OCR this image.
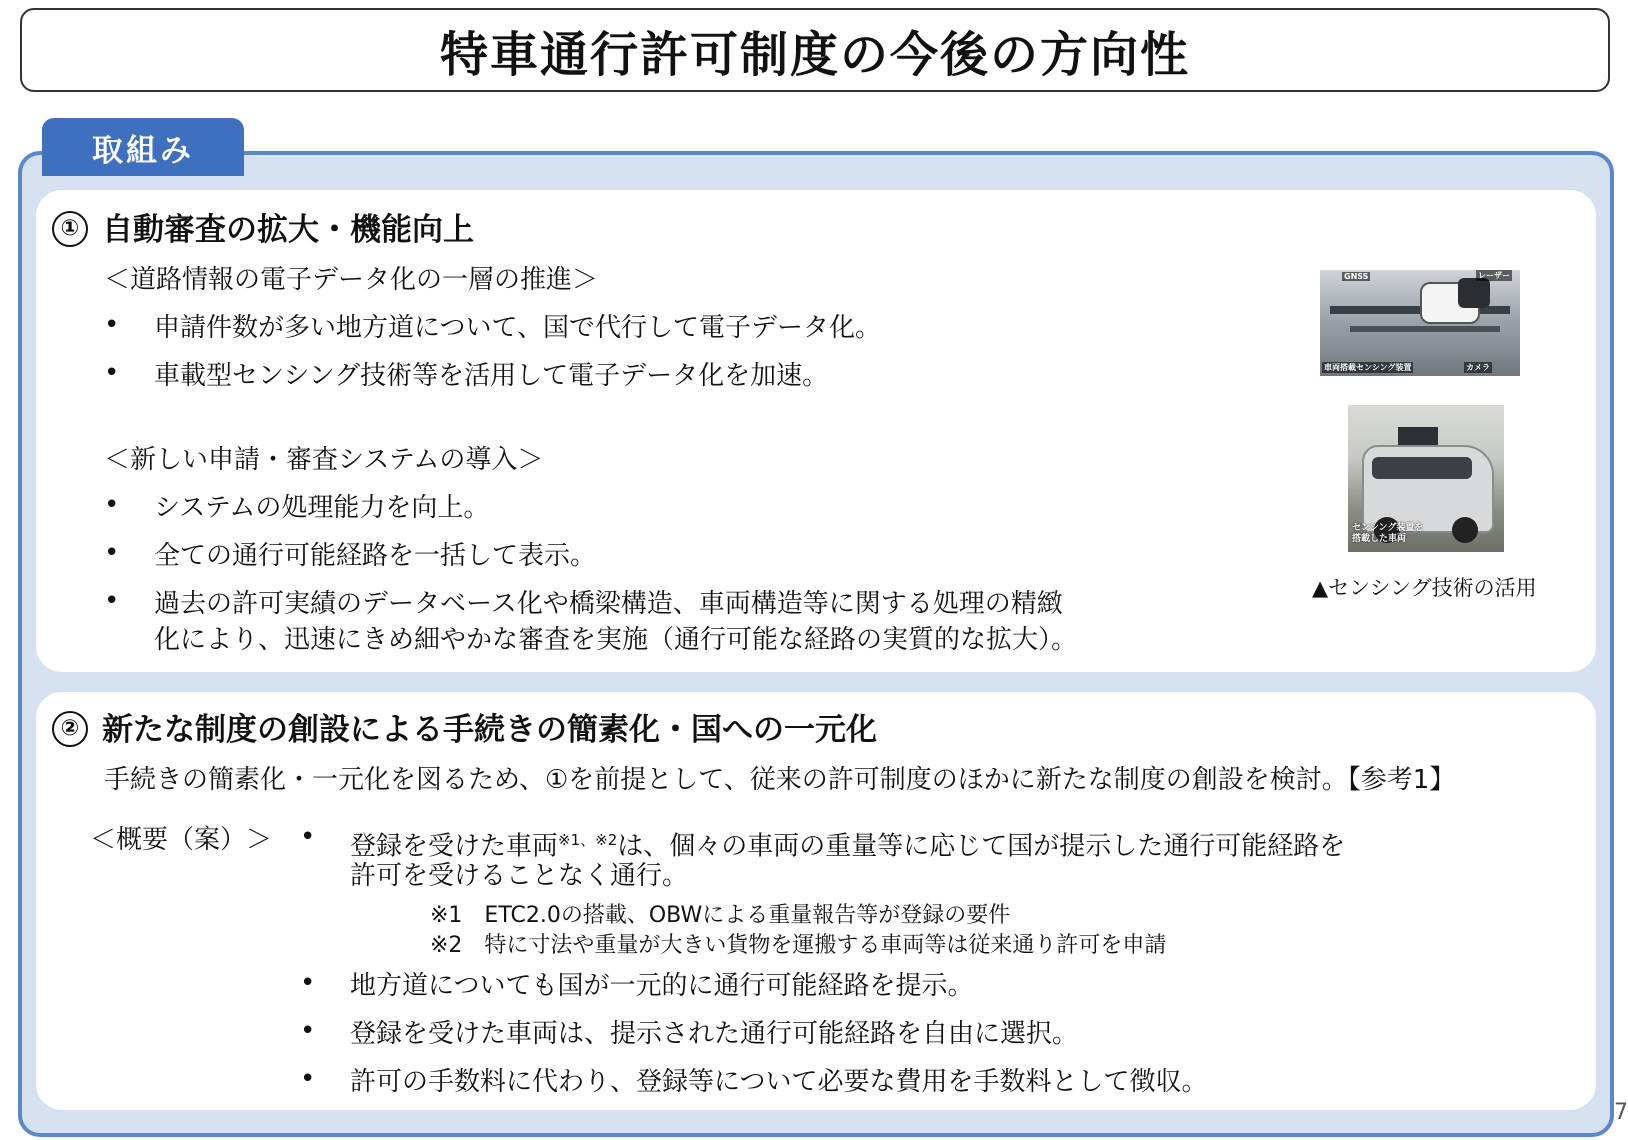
特車通行許可制度の今後の方向性
取組み
① 自動審査の拡大・機能向上
＜道路情報の電子データ化の一層の推進＞
• 申請件数が多い地方道について、国で代行して電子データ化。
• 車載型センシング技術等を活用して電子データ化を加速。
＜新しい申請・審査システムの導入＞
• システムの処理能力を向上。
• 全ての通行可能経路を一括して表示。
• 過去の許可実績のデータベース化や橋梁構造、車両構造等に関する処理の精緻
化により、迅速にきめ細やかな審査を実施（通行可能な経路の実質的な拡大）。
GNSS	レーザー
車両搭載センシング装置	カメラ
センシング装置を
搭載した車両
▲センシング技術の活用
② 新たな制度の創設による手続きの簡素化・国への一元化
手続きの簡素化・一元化を図るため、①を前提として、従来の許可制度のほかに新たな制度の創設を検討。【参考1】
＜概要（案）＞ • 登録を受けた車両$^{※1、※2}$は、個々の車両の重量等に応じて国が提示した通行可能経路を
許可を受けることなく通行。
※1　ETC2.0の搭載、OBWによる重量報告等が登録の要件
※2　特に寸法や重量が大きい貨物を運搬する車両等は従来通り許可を申請
• 地方道についても国が一元的に通行可能経路を提示。
• 登録を受けた車両は、提示された通行可能経路を自由に選択。
• 許可の手数料に代わり、登録等について必要な費用を手数料として徴収。
7
